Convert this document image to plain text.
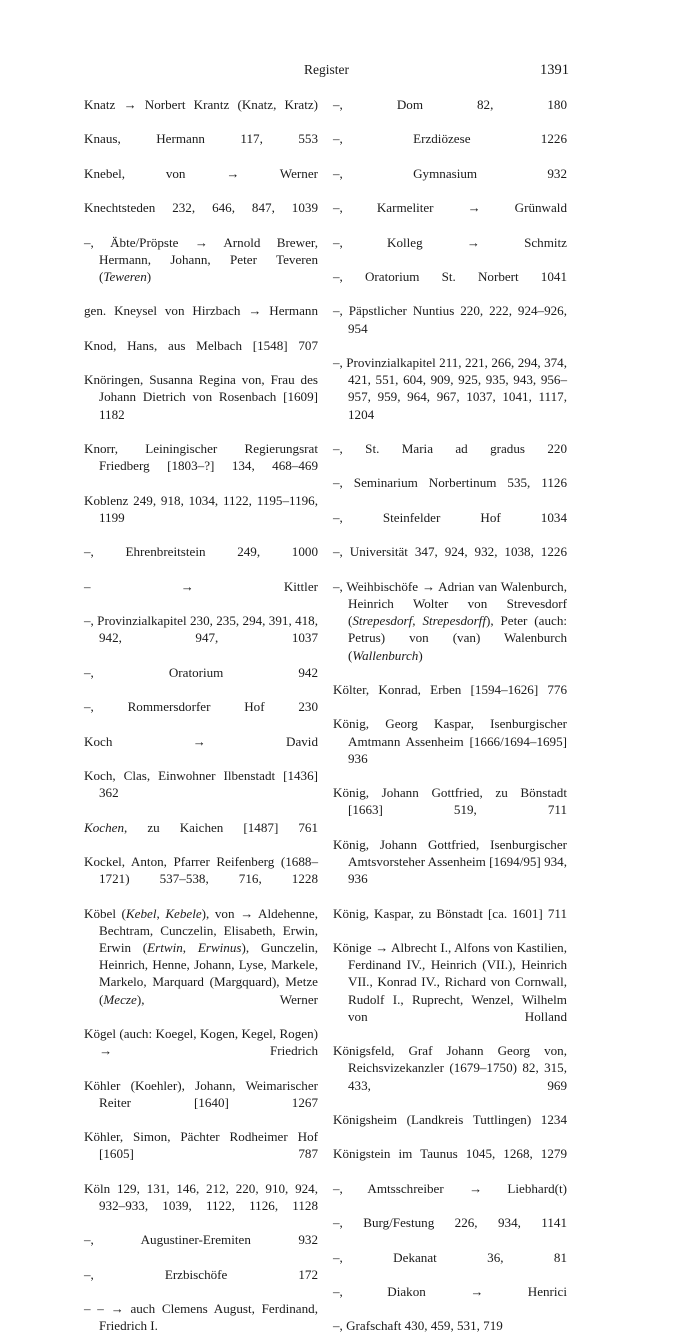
Register	1391
Knatz → Norbert Krantz (Knatz, Kratz)
Knaus, Hermann 117, 553
Knebel, von → Werner
Knechtsteden 232, 646, 847, 1039
–, Äbte/Pröpste → Arnold Brewer, Hermann, Johann, Peter Teveren (Teweren)
gen. Kneysel von Hirzbach → Hermann
Knod, Hans, aus Melbach [1548] 707
Knöringen, Susanna Regina von, Frau des Johann Dietrich von Rosenbach [1609] 1182
Knorr, Leiningischer Regierungsrat Friedberg [1803–?] 134, 468–469
Koblenz 249, 918, 1034, 1122, 1195–1196, 1199
–, Ehrenbreitstein 249, 1000
– → Kittler
–, Provinzialkapitel 230, 235, 294, 391, 418, 942, 947, 1037
–, Oratorium 942
–, Rommersdorfer Hof 230
Koch → David
Koch, Clas, Einwohner Ilbenstadt [1436] 362
Kochen, zu Kaichen [1487] 761
Kockel, Anton, Pfarrer Reifenberg (1688–1721) 537–538, 716, 1228
Köbel (Kebel, Kebele), von → Aldehenne, Bechtram, Cunczelin, Elisabeth, Erwin, Erwin (Ertwin, Erwinus), Gunczelin, Heinrich, Henne, Johann, Lyse, Markele, Markelo, Marquard (Margquard), Metze (Mecze), Werner
Kögel (auch: Koegel, Kogen, Kegel, Rogen) → Friedrich
Köhler (Koehler), Johann, Weimarischer Reiter [1640] 1267
Köhler, Simon, Pächter Rodheimer Hof [1605] 787
Köln 129, 131, 146, 212, 220, 910, 924, 932–933, 1039, 1122, 1126, 1128
–, Augustiner-Eremiten 932
–, Erzbischöfe 172
– – → auch Clemens August, Ferdinand, Friedrich I.
–, Dom 82, 180
–, Erzdiözese 1226
–, Gymnasium 932
–, Karmeliter → Grünwald
–, Kolleg → Schmitz
–, Oratorium St. Norbert 1041
–, Päpstlicher Nuntius 220, 222, 924–926, 954
–, Provinzialkapitel 211, 221, 266, 294, 374, 421, 551, 604, 909, 925, 935, 943, 956–957, 959, 964, 967, 1037, 1041, 1117, 1204
–, St. Maria ad gradus 220
–, Seminarium Norbertinum 535, 1126
–, Steinfelder Hof 1034
–, Universität 347, 924, 932, 1038, 1226
–, Weihbischöfe → Adrian van Walenburch, Heinrich Wolter von Strevesdorf (Strepesdorf, Strepesdorff), Peter (auch: Petrus) von (van) Walenburch (Wallenburch)
Költer, Konrad, Erben [1594–1626] 776
König, Georg Kaspar, Isenburgischer Amtmann Assenheim [1666/1694–1695] 936
König, Johann Gottfried, zu Bönstadt [1663] 519, 711
König, Johann Gottfried, Isenburgischer Amtsvorsteher Assenheim [1694/95] 934, 936
König, Kaspar, zu Bönstadt [ca. 1601] 711
Könige → Albrecht I., Alfons von Kastilien, Ferdinand IV., Heinrich (VII.), Heinrich VII., Konrad IV., Richard von Cornwall, Rudolf I., Ruprecht, Wenzel, Wilhelm von Holland
Königsfeld, Graf Johann Georg von, Reichsvizekanzler (1679–1750) 82, 315, 433, 969
Königsheim (Landkreis Tuttlingen) 1234
Königstein im Taunus 1045, 1268, 1279
–, Amtsschreiber → Liebhard(t)
–, Burg/Festung 226, 934, 1141
–, Dekanat 36, 81
–, Diakon → Henrici
–, Grafschaft 430, 459, 531, 719
